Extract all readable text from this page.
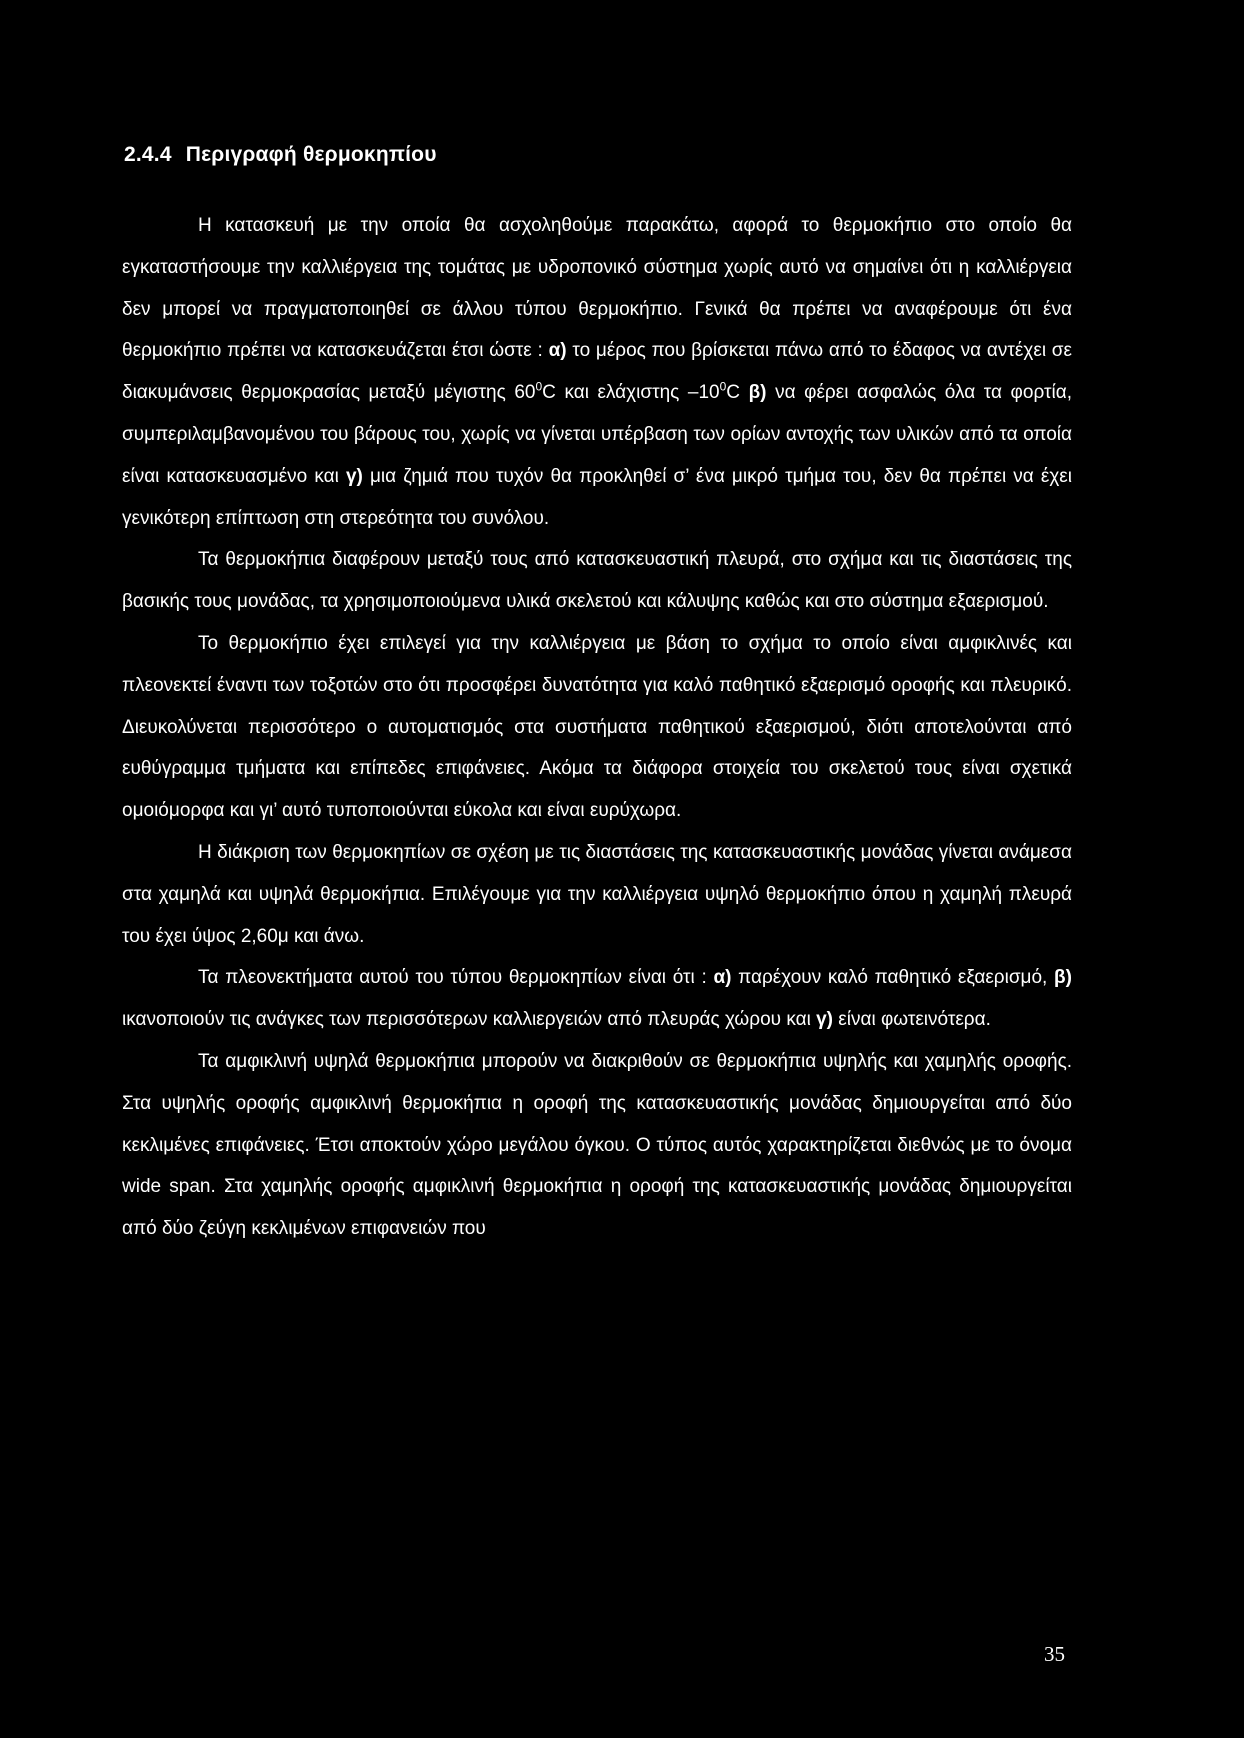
2.4.4 Περιγραφή θερμοκηπίου

Η κατασκευή με την οποία θα ασχοληθούμε παρακάτω, αφορά το θερμοκήπιο στο οποίο θα εγκαταστήσουμε την καλλιέργεια της τομάτας με υδροπονικό σύστημα χωρίς αυτό να σημαίνει ότι η καλλιέργεια δεν μπορεί να πραγματοποιηθεί σε άλλου τύπου θερμοκήπιο. Γενικά θα πρέπει να αναφέρουμε ότι ένα θερμοκήπιο πρέπει να κατασκευάζεται έτσι ώστε : α) το μέρος που βρίσκεται πάνω από το έδαφος να αντέχει σε διακυμάνσεις θερμοκρασίας μεταξύ μέγιστης $60^0C$ και ελάχιστης $-10^0C$ β) να φέρει ασφαλώς όλα τα φορτία, συμπεριλαμβανομένου του βάρους του, χωρίς να γίνεται υπέρβαση των ορίων αντοχής των υλικών από τα οποία είναι κατασκευασμένο και γ) μια ζημιά που τυχόν θα προκληθεί σ’ ένα μικρό τμήμα του, δεν θα πρέπει να έχει γενικότερη επίπτωση στη στερεότητα του συνόλου.

Τα θερμοκήπια διαφέρουν μεταξύ τους από κατασκευαστική πλευρά, στο σχήμα και τις διαστάσεις της βασικής τους μονάδας, τα χρησιμοποιούμενα υλικά σκελετού και κάλυψης καθώς και στο σύστημα εξαερισμού.

Το θερμοκήπιο έχει επιλεγεί για την καλλιέργεια με βάση το σχήμα το οποίο είναι αμφικλινές και πλεονεκτεί έναντι των τοξοτών στο ότι προσφέρει δυνατότητα για καλό παθητικό εξαερισμό οροφής και πλευρικό. Διευκολύνεται περισσότερο ο αυτοματισμός στα συστήματα παθητικού εξαερισμού, διότι αποτελούνται από ευθύγραμμα τμήματα και επίπεδες επιφάνειες. Ακόμα τα διάφορα στοιχεία του σκελετού τους είναι σχετικά ομοιόμορφα και γι’ αυτό τυποποιούνται εύκολα και είναι ευρύχωρα.

Η διάκριση των θερμοκηπίων σε σχέση με τις διαστάσεις της κατασκευαστικής μονάδας γίνεται ανάμεσα στα χαμηλά και υψηλά θερμοκήπια. Επιλέγουμε για την καλλιέργεια υψηλό θερμοκήπιο όπου η χαμηλή πλευρά του έχει ύψος 2,60μ και άνω.

Τα πλεονεκτήματα αυτού του τύπου θερμοκηπίων είναι ότι : α) παρέχουν καλό παθητικό εξαερισμό, β) ικανοποιούν τις ανάγκες των περισσότερων καλλιεργειών από πλευράς χώρου και γ) είναι φωτεινότερα.

Τα αμφικλινή υψηλά θερμοκήπια μπορούν να διακριθούν σε θερμοκήπια υψηλής και χαμηλής οροφής. Στα υψηλής οροφής αμφικλινή θερμοκήπια η οροφή της κατασκευαστικής μονάδας δημιουργείται από δύο κεκλιμένες επιφάνειες. Έτσι αποκτούν χώρο μεγάλου όγκου. Ο τύπος αυτός χαρακτηρίζεται διεθνώς με το όνομα wide span. Στα χαμηλής οροφής αμφικλινή θερμοκήπια η οροφή της κατασκευαστικής μονάδας δημιουργείται από δύο ζεύγη κεκλιμένων επιφανειών που

35
